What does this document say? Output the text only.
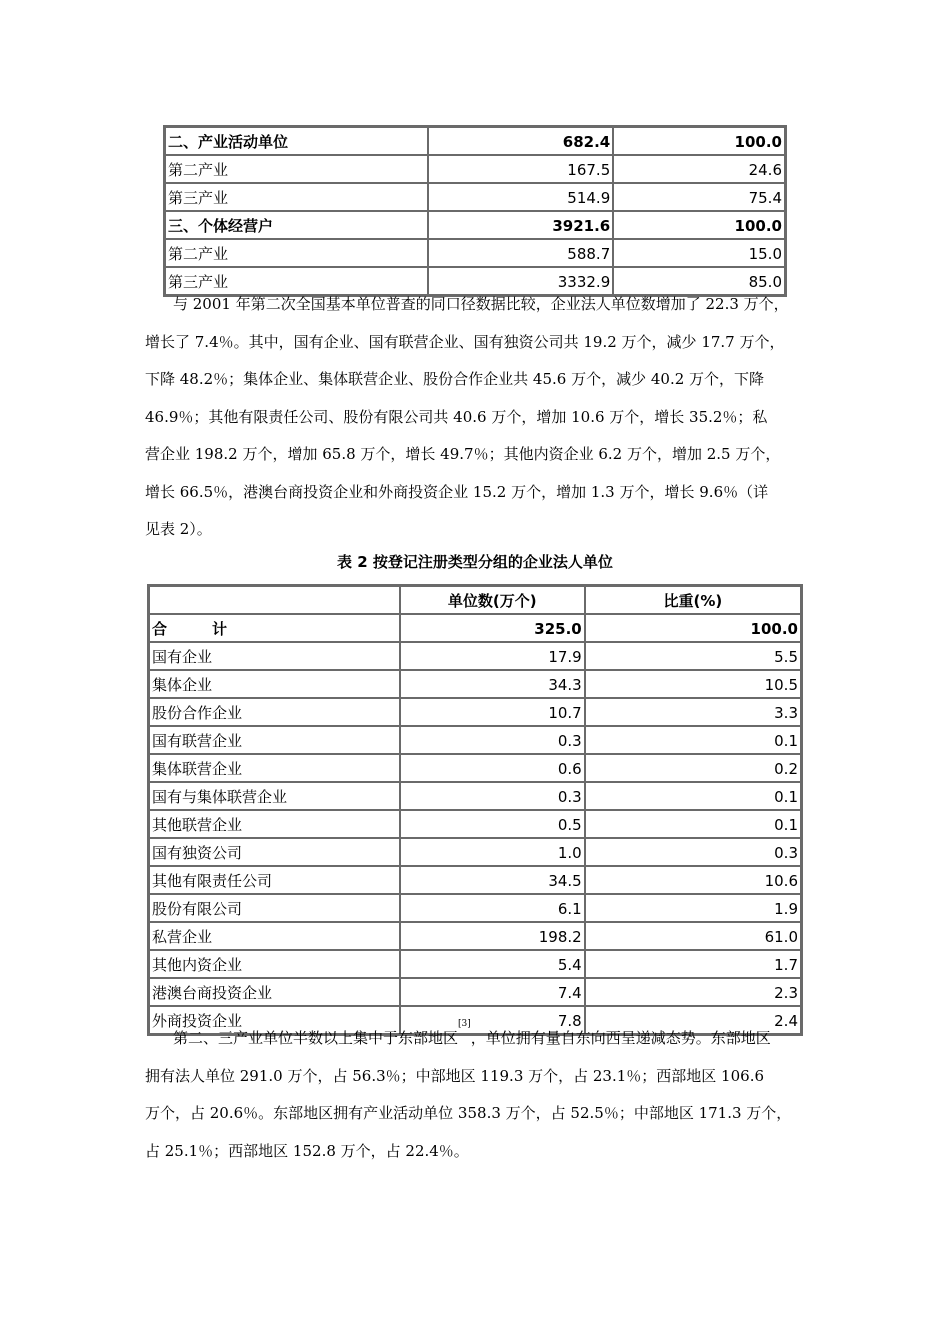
二、产业活动单位	682.4	100.0
第二产业	167.5	24.6
第三产业	514.9	75.4
三、个体经营户	3921.6	100.0
第二产业	588.7	15.0
第三产业	3332.9	85.0
与 2001 年第二次全国基本单位普查的同口径数据比较，企业法人单位数增加了 22.3 万个，
增长了 7.4％。其中，国有企业、国有联营企业、国有独资公司共 19.2 万个，减少 17.7 万个，
下降 48.2％；集体企业、集体联营企业、股份合作企业共 45.6 万个，减少 40.2 万个，下降
46.9％；其他有限责任公司、股份有限公司共 40.6 万个，增加 10.6 万个，增长 35.2％；私
营企业 198.2 万个，增加 65.8 万个，增长 49.7％；其他内资企业 6.2 万个，增加 2.5 万个，
增长 66.5％，港澳台商投资企业和外商投资企业 15.2 万个，增加 1.3 万个，增长 9.6％（详
见表 2）。
表 2 按登记注册类型分组的企业法人单位
	单位数(万个)	比重(%)
合　　　计	325.0	100.0
国有企业	17.9	5.5
集体企业	34.3	10.5
股份合作企业	10.7	3.3
国有联营企业	0.3	0.1
集体联营企业	0.6	0.2
国有与集体联营企业	0.3	0.1
其他联营企业	0.5	0.1
国有独资公司	1.0	0.3
其他有限责任公司	34.5	10.6
股份有限公司	6.1	1.9
私营企业	198.2	61.0
其他内资企业	5.4	1.7
港澳台商投资企业	7.4	2.3
外商投资企业	7.8	2.4
第二、三产业单位半数以上集中于东部地区[3]，单位拥有量自东向西呈递减态势。东部地区
拥有法人单位 291.0 万个，占 56.3％；中部地区 119.3 万个，占 23.1％；西部地区 106.6
万个，占 20.6％。东部地区拥有产业活动单位 358.3 万个，占 52.5％；中部地区 171.3 万个，
占 25.1％；西部地区 152.8 万个，占 22.4％。
